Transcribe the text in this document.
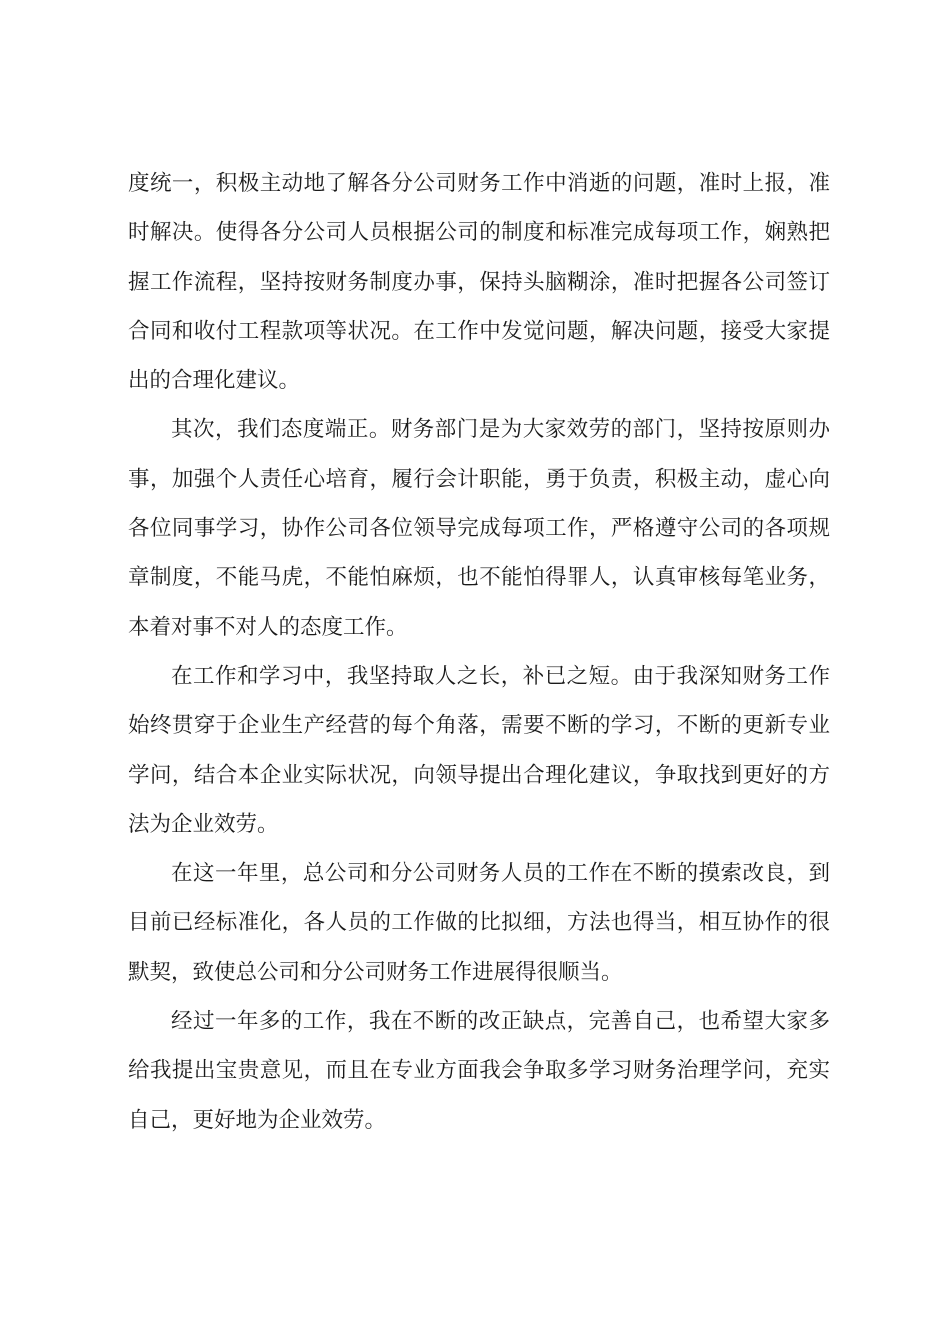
度统一，积极主动地了解各分公司财务工作中消逝的问题，准时上报，准时解决。使得各分公司人员根据公司的制度和标准完成每项工作，娴熟把握工作流程，坚持按财务制度办事，保持头脑糊涂，准时把握各公司签订合同和收付工程款项等状况。在工作中发觉问题，解决问题，接受大家提出的合理化建议。

其次，我们态度端正。财务部门是为大家效劳的部门，坚持按原则办事，加强个人责任心培育，履行会计职能，勇于负责，积极主动，虚心向各位同事学习，协作公司各位领导完成每项工作，严格遵守公司的各项规章制度，不能马虎，不能怕麻烦，也不能怕得罪人，认真审核每笔业务，本着对事不对人的态度工作。

在工作和学习中，我坚持取人之长，补已之短。由于我深知财务工作始终贯穿于企业生产经营的每个角落，需要不断的学习，不断的更新专业学问，结合本企业实际状况，向领导提出合理化建议，争取找到更好的方法为企业效劳。

在这一年里，总公司和分公司财务人员的工作在不断的摸索改良，到目前已经标准化，各人员的工作做的比拟细，方法也得当，相互协作的很默契，致使总公司和分公司财务工作进展得很顺当。

经过一年多的工作，我在不断的改正缺点，完善自己，也希望大家多给我提出宝贵意见，而且在专业方面我会争取多学习财务治理学问，充实自己，更好地为企业效劳。
